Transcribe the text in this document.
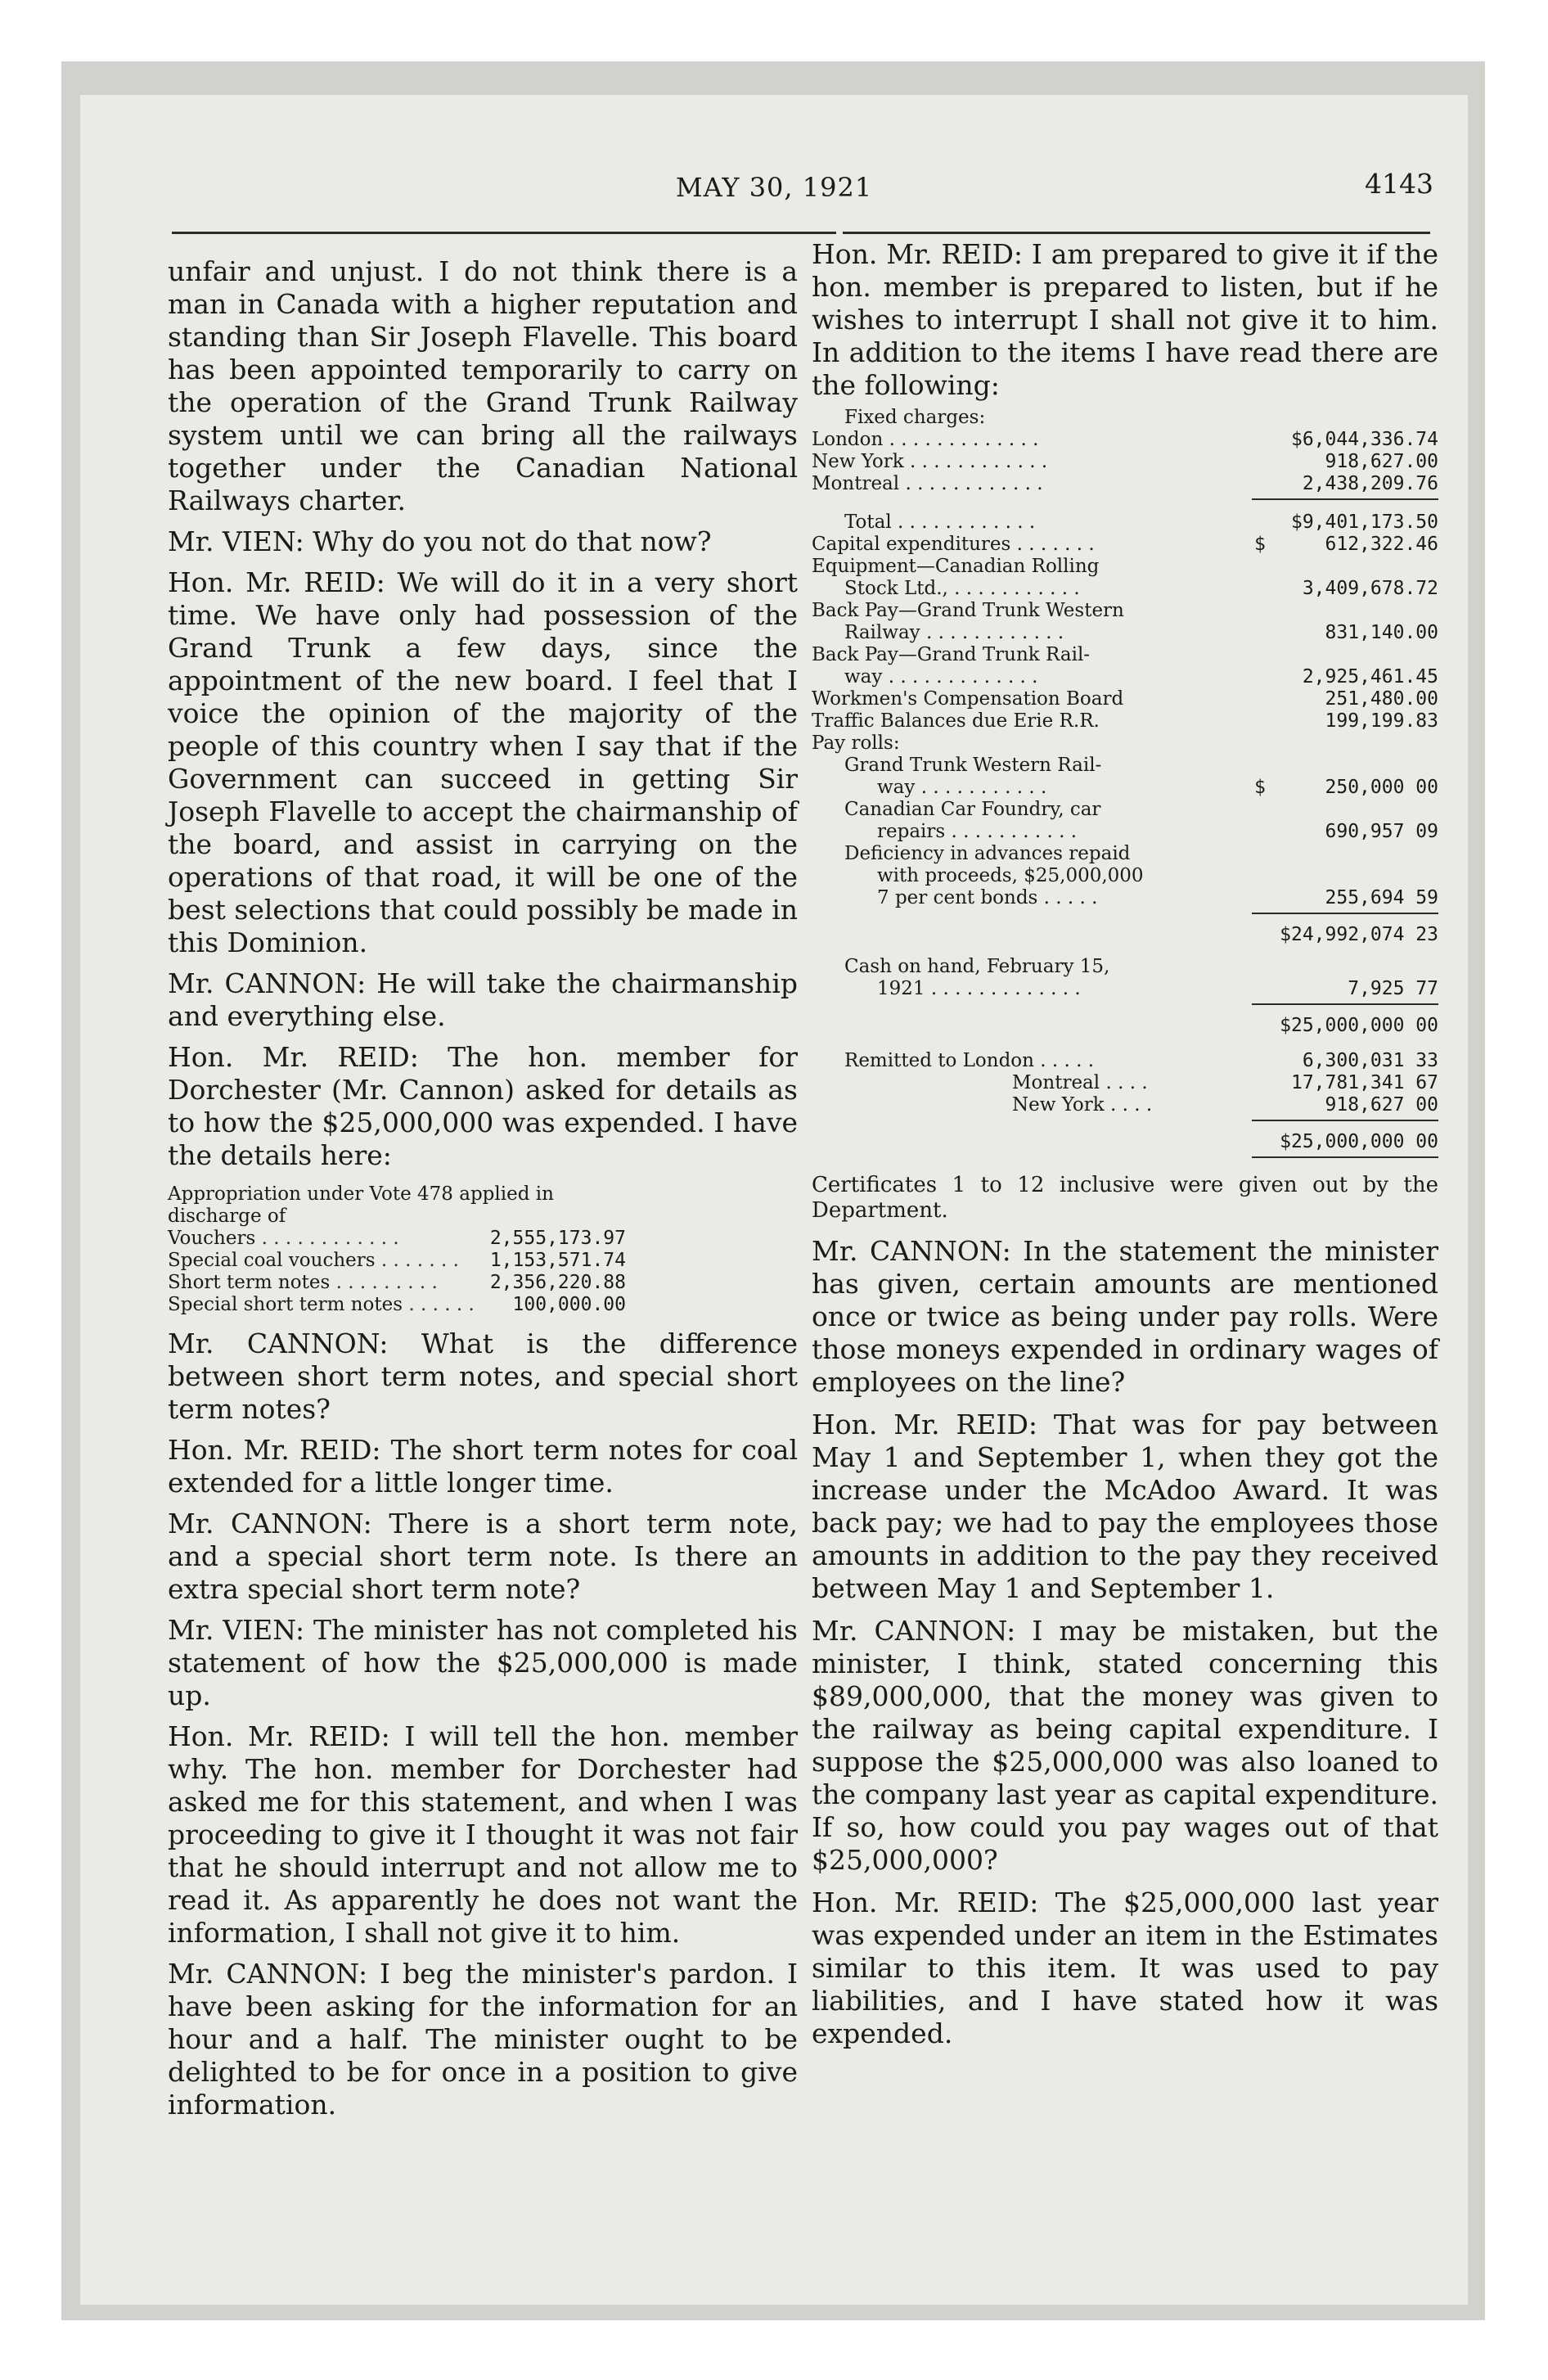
MAY 30, 1921	4143

unfair and unjust. I do not think there is a man in Canada with a higher reputation and standing than Sir Joseph Flavelle. This board has been appointed temporarily to carry on the operation of the Grand Trunk Railway system until we can bring all the railways together under the Canadian National Railways charter.

Mr. VIEN: Why do you not do that now?

Hon. Mr. REID: We will do it in a very short time. We have only had possession of the Grand Trunk a few days, since the appointment of the new board. I feel that I voice the opinion of the majority of the people of this country when I say that if the Government can succeed in getting Sir Joseph Flavelle to accept the chairmanship of the board, and assist in carrying on the operations of that road, it will be one of the best selections that could possibly be made in this Dominion.

Mr. CANNON: He will take the chairmanship and everything else.

Hon. Mr. REID: The hon. member for Dorchester (Mr. Cannon) asked for details as to how the $25,000,000 was expended. I have the details here:

Appropriation under Vote 478 applied in discharge of
Vouchers . . . . . . . . . . . .	2,555,173.97
Special coal vouchers . . . . . . . 1,153,571.74
Short term notes . . . . . . . . .	2,356,220.88
Special short term notes . . . . . . 100,000.00

Mr. CANNON: What is the difference between short term notes, and special short term notes?

Hon. Mr. REID: The short term notes for coal extended for a little longer time.

Mr. CANNON: There is a short term note, and a special short term note. Is there an extra special short term note?

Mr. VIEN: The minister has not completed his statement of how the $25,000,000 is made up.

Hon. Mr. REID: I will tell the hon. member why. The hon. member for Dorchester had asked me for this statement, and when I was proceeding to give it I thought it was not fair that he should interrupt and not allow me to read it. As apparently he does not want the information, I shall not give it to him.

Mr. CANNON: I beg the minister's pardon. I have been asking for the information for an hour and a half. The minister ought to be delighted to be for once in a position to give information.

Hon. Mr. REID: I am prepared to give it if the hon. member is prepared to listen, but if he wishes to interrupt I shall not give it to him. In addition to the items I have read there are the following:

Fixed charges:
London . . . . . . . . . . . . .	$6,044,336.74
New York . . . . . . . . . . . .	918,627.00
Montreal . . . . . . . . . . . .	2,438,209.76
Total . . . . . . . . . . . .	$9,401,173.50
Capital expenditures . . . . . . .	$	612,322.46
Equipment—Canadian Rolling
Stock Ltd., . . . . . . . . . . .	3,409,678.72
Back Pay—Grand Trunk Western
Railway . . . . . . . . . . . .	831,140.00
Back Pay—Grand Trunk Rail-
way . . . . . . . . . . . . .	2,925,461.45
Workmen's Compensation Board	251,480.00
Traffic Balances due Erie R.R.	199,199.83
Pay rolls:
Grand Trunk Western Rail-
way . . . . . . . . . . .	$	250,000 00
Canadian Car Foundry, car
repairs . . . . . . . . . . .	690,957 09
Deficiency in advances repaid
with proceeds, $25,000,000
7 per cent bonds . . . . .	255,694 59
$24,992,074 23
Cash on hand, February 15,
1921 . . . . . . . . . . . . .	7,925 77
$25,000,000 00
Remitted to London . . . . .	6,300,031 33
Montreal . . . .	17,781,341 67
New York . . . .	918,627 00
$25,000,000 00

Certificates 1 to 12 inclusive were given out by the Department.

Mr. CANNON: In the statement the minister has given, certain amounts are mentioned once or twice as being under pay rolls. Were those moneys expended in ordinary wages of employees on the line?

Hon. Mr. REID: That was for pay between May 1 and September 1, when they got the increase under the McAdoo Award. It was back pay; we had to pay the employees those amounts in addition to the pay they received between May 1 and September 1.

Mr. CANNON: I may be mistaken, but the minister, I think, stated concerning this $89,000,000, that the money was given to the railway as being capital expenditure. I suppose the $25,000,000 was also loaned to the company last year as capital expenditure. If so, how could you pay wages out of that $25,000,000?

Hon. Mr. REID: The $25,000,000 last year was expended under an item in the Estimates similar to this item. It was used to pay liabilities, and I have stated how it was expended.
